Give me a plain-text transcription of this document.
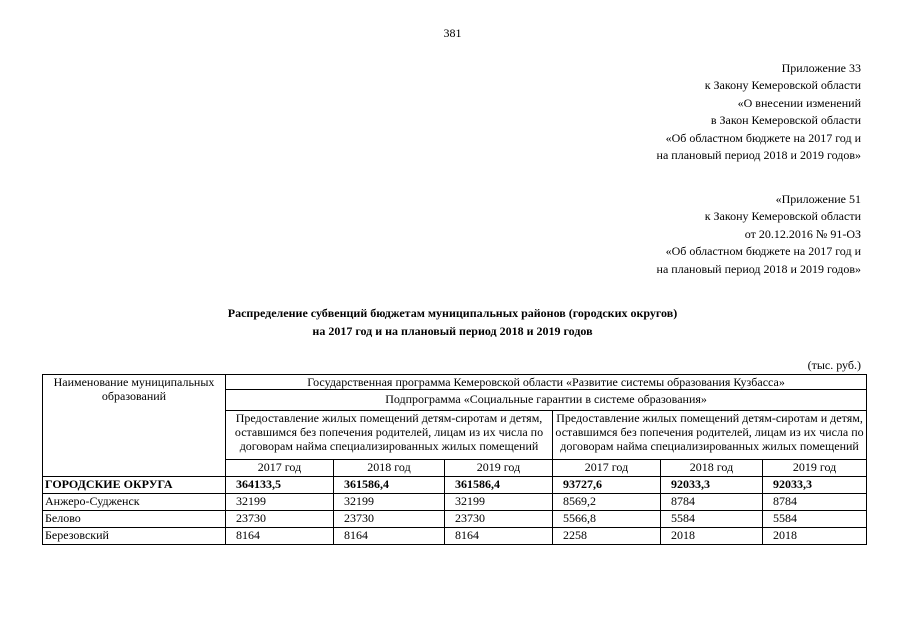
381
Приложение 33
к Закону Кемеровской области
«О внесении изменений
в Закон Кемеровской области
«Об областном бюджете на 2017 год и
на плановый период 2018 и 2019 годов»
«Приложение 51
к Закону Кемеровской области
от 20.12.2016 № 91-ОЗ
«Об областном бюджете на 2017 год и
на плановый период 2018 и 2019 годов»
Распределение субвенций бюджетам муниципальных районов (городских округов)
на 2017 год и на плановый период 2018 и 2019 годов
(тыс. руб.)
Наименование муниципальных образований	Государственная программа Кемеровской области «Развитие системы образования Кузбасса»					
	Подпрограмма «Социальные гарантии в системе образования»					
	Предоставление жилых помещений детям-сиротам и детям, оставшимся без попечения родителей, лицам из их числа по договорам найма специализированных жилых помещений			Предоставление жилых помещений детям-сиротам и детям, оставшимся без попечения родителей, лицам из их числа по договорам найма специализированных жилых помещений		
	2017 год	2018 год	2019 год	2017 год	2018 год	2019 год
ГОРОДСКИЕ ОКРУГА	364133,5	361586,4	361586,4	93727,6	92033,3	92033,3
Анжеро-Судженск	32199	32199	32199	8569,2	8784	8784
Белово	23730	23730	23730	5566,8	5584	5584
Березовский	8164	8164	8164	2258	2018	2018
